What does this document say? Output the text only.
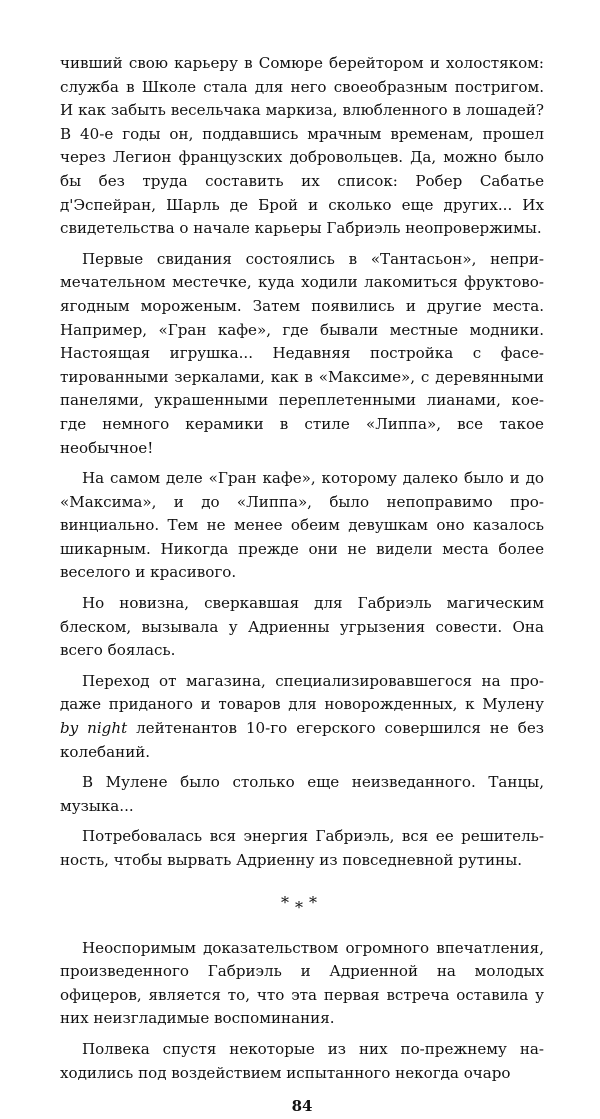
чивший свою карьеру в Сомюре берейтором и холостяком: служба в Школе стала для него своеобразным постригом. И как забыть весельчака маркиза, влюбленного в лошадей? В 40-е годы он, поддавшись мрачным временам, прошел через Легион французских добровольцев. Да, можно было бы без труда составить их список: Робер Сабатье д'Эспейран, Шарль де Брой и сколько еще других... Их свидетельства о начале карьеры Габриэль неопровержимы.

Первые свидания состоялись в «Тантасьон», непримечательном местечке, куда ходили лакомиться фруктово-ягодным мороженым. Затем появились и другие места. Например, «Гран кафе», где бывали местные модники. Настоящая игрушка... Недавняя постройка с фасетированными зеркалами, как в «Максиме», с деревянными панелями, украшенными переплетенными лианами, кое-где немного керамики в стиле «Липпа», все такое необычное!

На самом деле «Гран кафе», которому далеко было и до «Максима», и до «Липпа», было непоправимо провинциально. Тем не менее обеим девушкам оно казалось шикарным. Никогда прежде они не видели места более веселого и красивого.

Но новизна, сверкавшая для Габриэль магическим блеском, вызывала у Адриенны угрызения совести. Она всего боялась.

Переход от магазина, специализировавшегося на продаже приданого и товаров для новорожденных, к Мулену by night лейтенантов 10-го егерского совершился не без колебаний.

В Мулене было столько еще неизведанного. Танцы, музыка...

Потребовалась вся энергия Габриэль, вся ее решительность, чтобы вырвать Адриенну из повседневной рутины.

***

Неоспоримым доказательством огромного впечатления, произведенного Габриэль и Адриенной на молодых офицеров, является то, что эта первая встреча оставила у них неизгладимые воспоминания.

Полвека спустя некоторые из них по-прежнему находились под воздействием испытанного некогда очаро

84
